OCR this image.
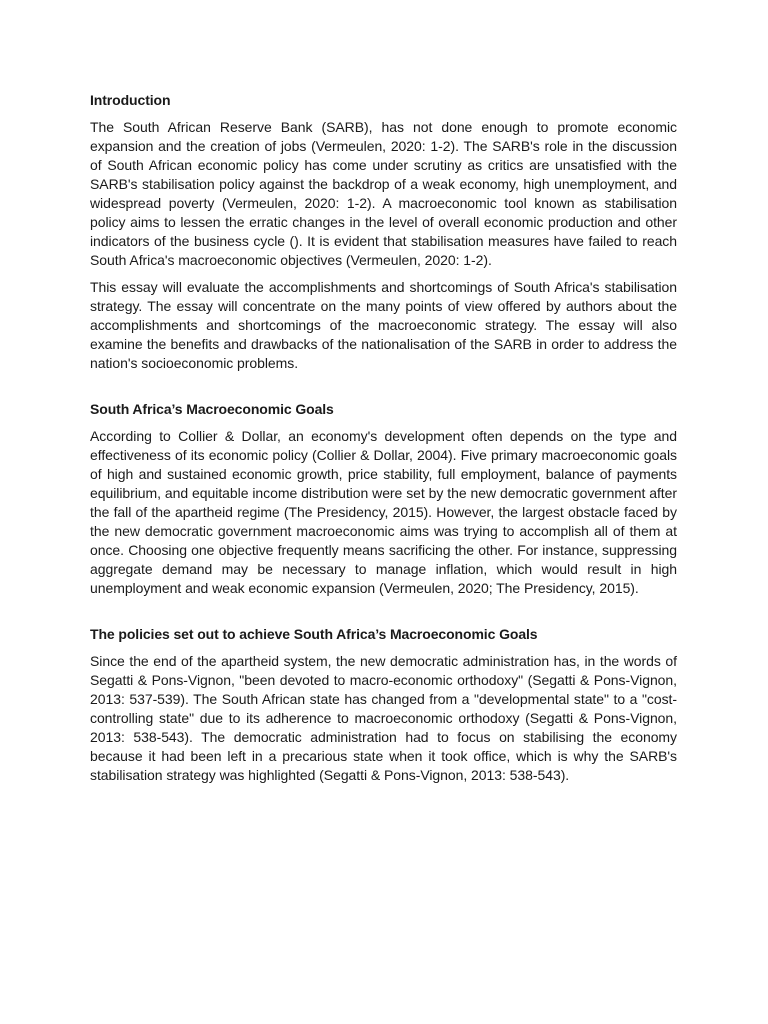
Introduction

The South African Reserve Bank (SARB), has not done enough to promote economic expansion and the creation of jobs (Vermeulen, 2020: 1-2). The SARB's role in the discussion of South African economic policy has come under scrutiny as critics are unsatisfied with the SARB's stabilisation policy against the backdrop of a weak economy, high unemployment, and widespread poverty (Vermeulen, 2020: 1-2). A macroeconomic tool known as stabilisation policy aims to lessen the erratic changes in the level of overall economic production and other indicators of the business cycle (). It is evident that stabilisation measures have failed to reach South Africa's macroeconomic objectives (Vermeulen, 2020: 1-2).

This essay will evaluate the accomplishments and shortcomings of South Africa's stabilisation strategy. The essay will concentrate on the many points of view offered by authors about the accomplishments and shortcomings of the macroeconomic strategy. The essay will also examine the benefits and drawbacks of the nationalisation of the SARB in order to address the nation's socioeconomic problems.

South Africa’s Macroeconomic Goals

According to Collier & Dollar, an economy's development often depends on the type and effectiveness of its economic policy (Collier & Dollar, 2004). Five primary macroeconomic goals of high and sustained economic growth, price stability, full employment, balance of payments equilibrium, and equitable income distribution were set by the new democratic government after the fall of the apartheid regime (The Presidency, 2015). However, the largest obstacle faced by the new democratic government macroeconomic aims was trying to accomplish all of them at once. Choosing one objective frequently means sacrificing the other. For instance, suppressing aggregate demand may be necessary to manage inflation, which would result in high unemployment and weak economic expansion (Vermeulen, 2020; The Presidency, 2015).

The policies set out to achieve South Africa’s Macroeconomic Goals

Since the end of the apartheid system, the new democratic administration has, in the words of Segatti & Pons-Vignon, "been devoted to macro-economic orthodoxy" (Segatti & Pons-Vignon, 2013: 537-539). The South African state has changed from a "developmental state" to a "cost-controlling state" due to its adherence to macroeconomic orthodoxy (Segatti & Pons-Vignon, 2013: 538-543). The democratic administration had to focus on stabilising the economy because it had been left in a precarious state when it took office, which is why the SARB's stabilisation strategy was highlighted (Segatti & Pons-Vignon, 2013: 538-543).
